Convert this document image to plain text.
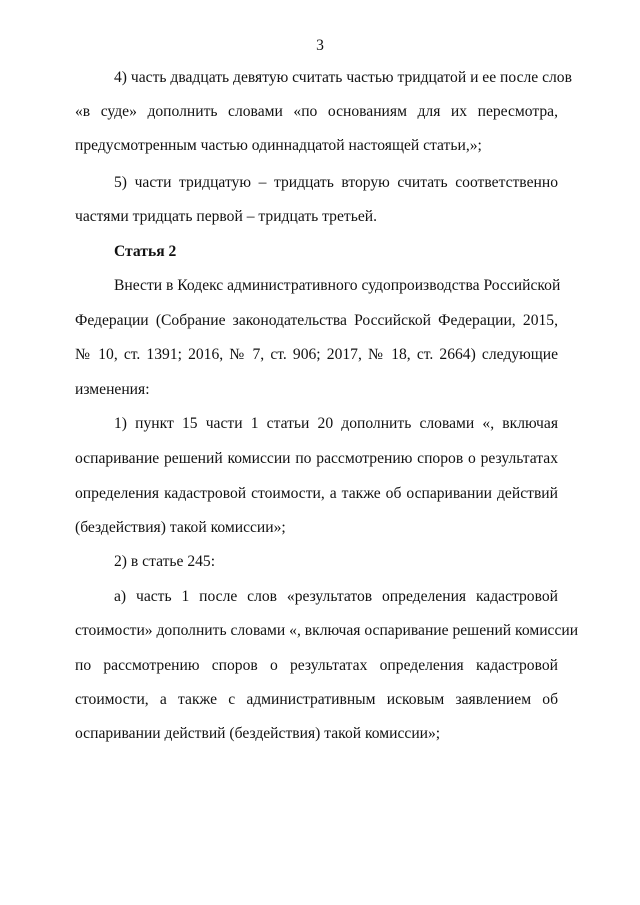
3
4) часть двадцать девятую считать частью тридцатой и ее после слов
«в суде» дополнить словами «по основаниям для их пересмотра,
предусмотренным частью одиннадцатой настоящей статьи,»;
5) части тридцатую – тридцать вторую считать соответственно
частями тридцать первой – тридцать третьей.
Статья 2
Внести в Кодекс административного судопроизводства Российской
Федерации (Собрание законодательства Российской Федерации, 2015,
№ 10, ст. 1391; 2016, № 7, ст. 906; 2017, № 18, ст. 2664) следующие
изменения:
1) пункт 15 части 1 статьи 20 дополнить словами «, включая
оспаривание решений комиссии по рассмотрению споров о результатах
определения кадастровой стоимости, а также об оспаривании действий
(бездействия) такой комиссии»;
2) в статье 245:
а) часть 1 после слов «результатов определения кадастровой
стоимости» дополнить словами «, включая оспаривание решений комиссии
по рассмотрению споров о результатах определения кадастровой
стоимости, а также с административным исковым заявлением об
оспаривании действий (бездействия) такой комиссии»;
